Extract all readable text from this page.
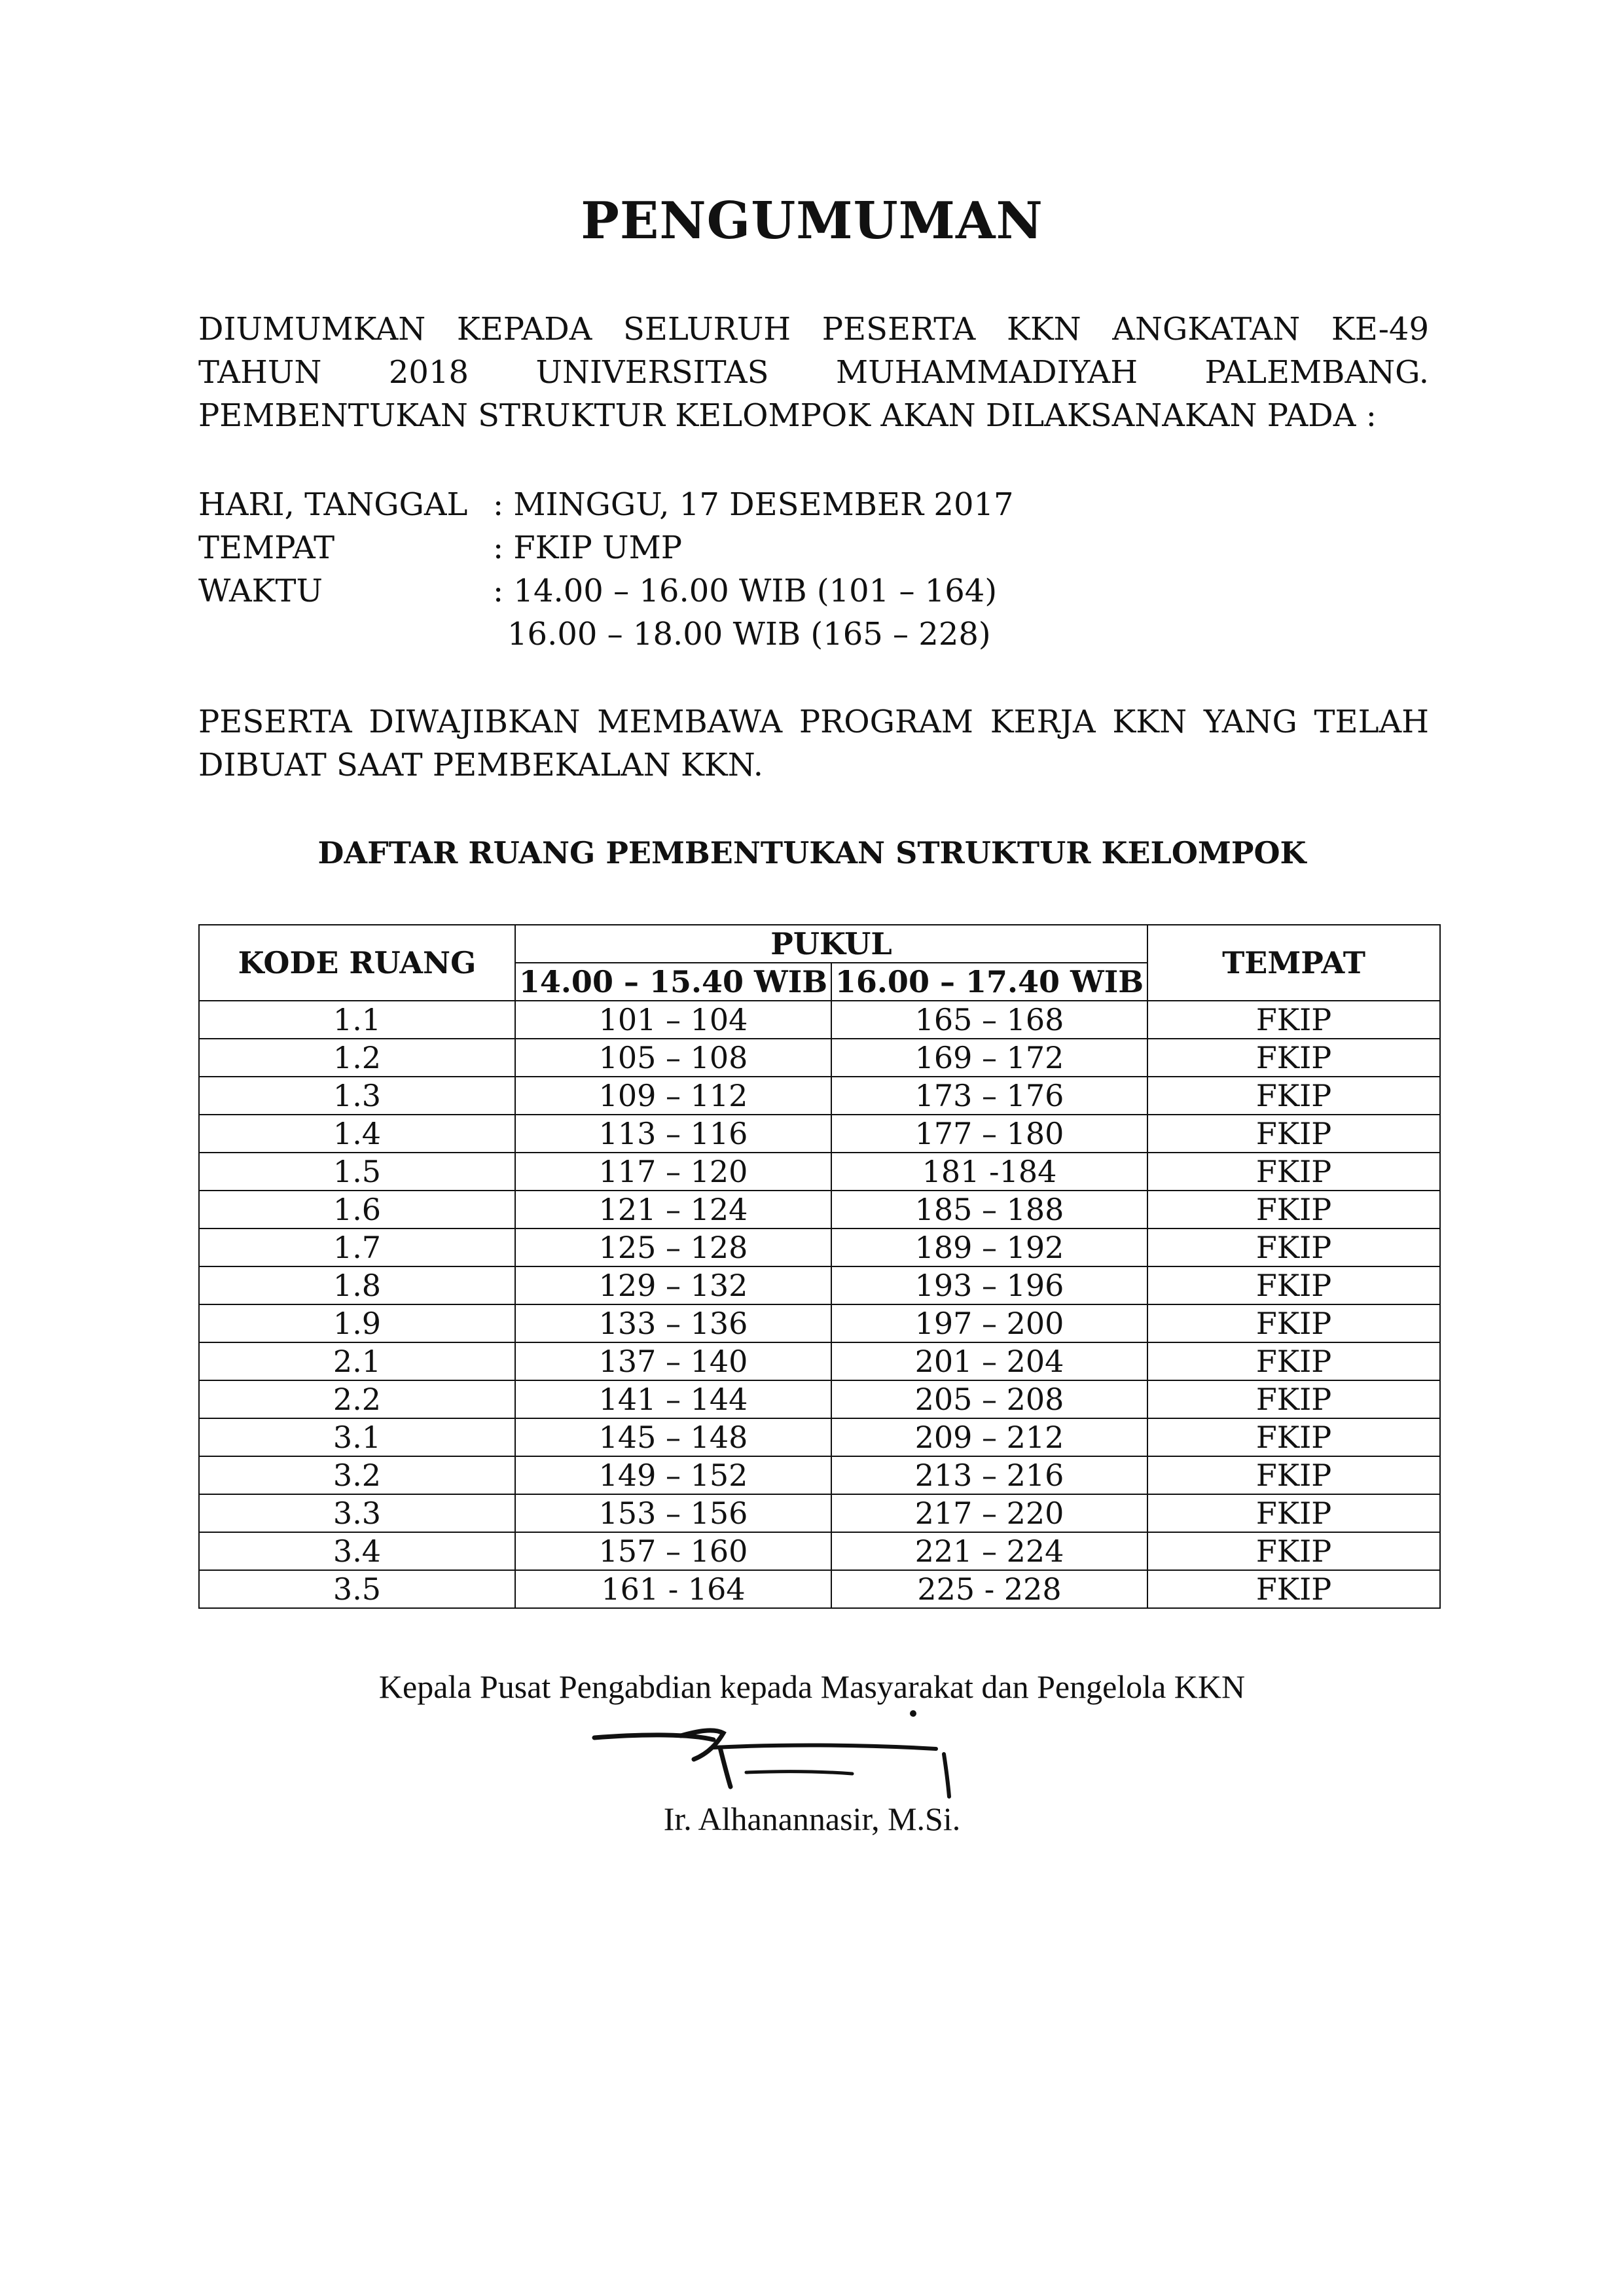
PENGUMUMAN
DIUMUMKAN KEPADA SELURUH PESERTA KKN ANGKATAN KE-49 TAHUN 2018 UNIVERSITAS MUHAMMADIYAH PALEMBANG. PEMBENTUKAN STRUKTUR KELOMPOK AKAN DILAKSANAKAN PADA :
HARI, TANGGAL : MINGGU, 17 DESEMBER 2017
TEMPAT	: FKIP UMP
WAKTU	: 14.00 – 16.00 WIB (101 – 164)
16.00 – 18.00 WIB (165 – 228)
PESERTA DIWAJIBKAN MEMBAWA PROGRAM KERJA KKN YANG TELAH DIBUAT SAAT PEMBEKALAN KKN.
DAFTAR RUANG PEMBENTUKAN STRUKTUR KELOMPOK
KODE RUANG	PUKUL		TEMPAT
	14.00 – 15.40 WIB	16.00 – 17.40 WIB	
1.1	101 – 104	165 – 168	FKIP
1.2	105 – 108	169 – 172	FKIP
1.3	109 – 112	173 – 176	FKIP
1.4	113 – 116	177 – 180	FKIP
1.5	117 – 120	181 -184	FKIP
1.6	121 – 124	185 – 188	FKIP
1.7	125 – 128	189 – 192	FKIP
1.8	129 – 132	193 – 196	FKIP
1.9	133 – 136	197 – 200	FKIP
2.1	137 – 140	201 – 204	FKIP
2.2	141 – 144	205 – 208	FKIP
3.1	145 – 148	209 – 212	FKIP
3.2	149 – 152	213 – 216	FKIP
3.3	153 – 156	217 – 220	FKIP
3.4	157 – 160	221 – 224	FKIP
3.5	161 - 164	225 - 228	FKIP
Kepala Pusat Pengabdian kepada Masyarakat dan Pengelola KKN
Ir. Alhanannasir, M.Si.
